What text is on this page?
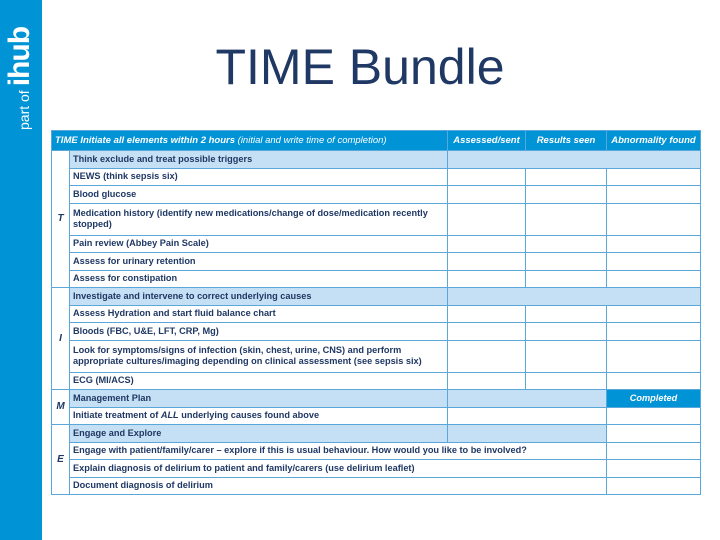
part of
ihub	TIME Bundle
TIME Initiate all elements within 2 hours (initial and write time of completion)		Assessed/sent	Results seen	Abnormality found
T	Think exclude and treat possible triggers			
	NEWS (think sepsis six)			
	Blood glucose			
	Medication history (identify new medications/change of dose/medication recently stopped)			
	Pain review (Abbey Pain Scale)			
	Assess for urinary retention			
	Assess for constipation			
I	Investigate and intervene to correct underlying causes			
	Assess Hydration and start fluid balance chart			
	Bloods (FBC, U&E, LFT, CRP, Mg)			
	Look for symptoms/signs of infection (skin, chest, urine, CNS) and perform appropriate cultures/imaging depending on clinical assessment (see sepsis six)			
	ECG (MI/ACS)			
M	Management Plan			Completed
	Initiate treatment of ALL underlying causes found above			
E	Engage and Explore			
	Engage with patient/family/carer – explore if this is usual behaviour. How would you like to be involved?			
	Explain diagnosis of delirium to patient and family/carers (use delirium leaflet)			
	Document diagnosis of delirium			
